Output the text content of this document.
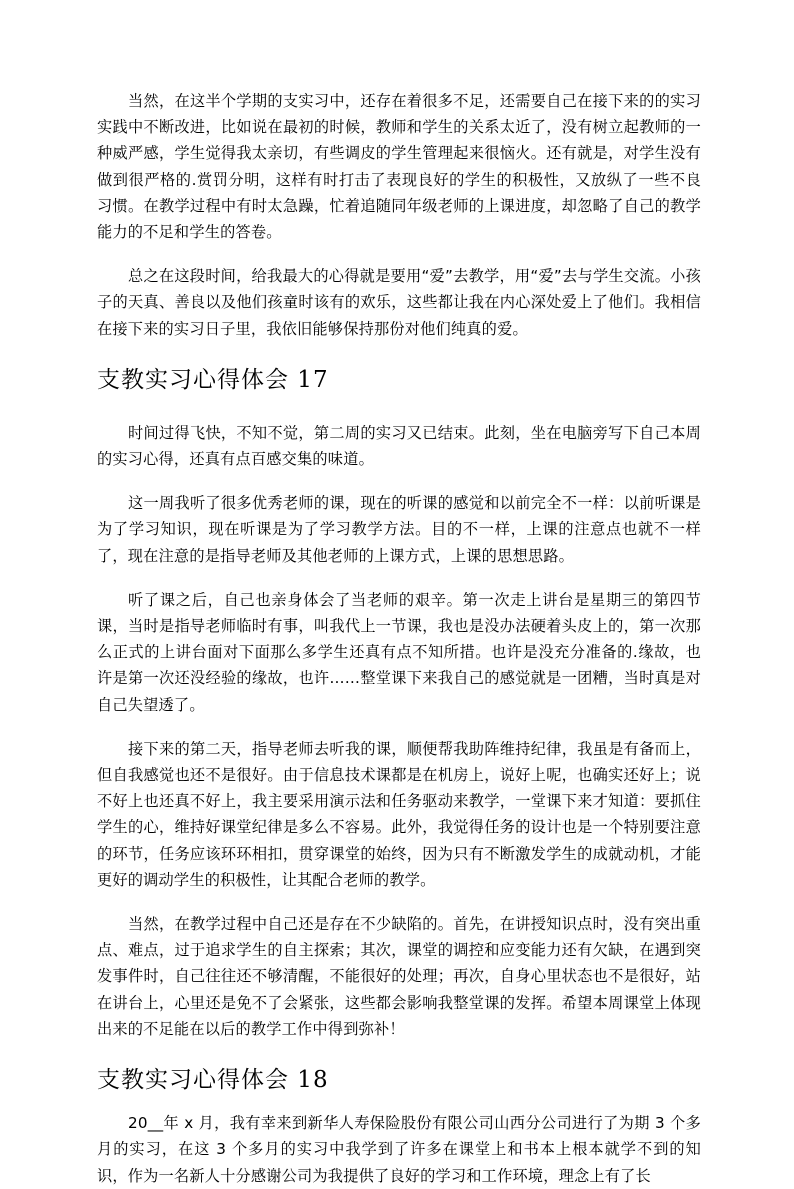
当然，在这半个学期的支实习中，还存在着很多不足，还需要自己在接下来的的实习实践中不断改进，比如说在最初的时候，教师和学生的关系太近了，没有树立起教师的一种威严感，学生觉得我太亲切，有些调皮的学生管理起来很恼火。还有就是，对学生没有做到很严格的.赏罚分明，这样有时打击了表现良好的学生的积极性，又放纵了一些不良习惯。在教学过程中有时太急躁，忙着追随同年级老师的上课进度，却忽略了自己的教学能力的不足和学生的答卷。

总之在这段时间，给我最大的心得就是要用“爱”去教学，用“爱”去与学生交流。小孩子的天真、善良以及他们孩童时该有的欢乐，这些都让我在内心深处爱上了他们。我相信在接下来的实习日子里，我依旧能够保持那份对他们纯真的爱。

支教实习心得体会 17

时间过得飞快，不知不觉，第二周的实习又已结束。此刻，坐在电脑旁写下自己本周的实习心得，还真有点百感交集的味道。

这一周我听了很多优秀老师的课，现在的听课的感觉和以前完全不一样：以前听课是为了学习知识，现在听课是为了学习教学方法。目的不一样，上课的注意点也就不一样了，现在注意的是指导老师及其他老师的上课方式，上课的思想思路。

听了课之后，自己也亲身体会了当老师的艰辛。第一次走上讲台是星期三的第四节课，当时是指导老师临时有事，叫我代上一节课，我也是没办法硬着头皮上的，第一次那么正式的上讲台面对下面那么多学生还真有点不知所措。也许是没充分准备的.缘故，也许是第一次还没经验的缘故，也许……整堂课下来我自己的感觉就是一团糟，当时真是对自己失望透了。

接下来的第二天，指导老师去听我的课，顺便帮我助阵维持纪律，我虽是有备而上，但自我感觉也还不是很好。由于信息技术课都是在机房上，说好上呢，也确实还好上；说不好上也还真不好上，我主要采用演示法和任务驱动来教学，一堂课下来才知道：要抓住学生的心，维持好课堂纪律是多么不容易。此外，我觉得任务的设计也是一个特别要注意的环节，任务应该环环相扣，贯穿课堂的始终，因为只有不断激发学生的成就动机，才能更好的调动学生的积极性，让其配合老师的教学。

当然，在教学过程中自己还是存在不少缺陷的。首先，在讲授知识点时，没有突出重点、难点，过于追求学生的自主探索；其次，课堂的调控和应变能力还有欠缺，在遇到突发事件时，自己往往还不够清醒，不能很好的处理；再次，自身心里状态也不是很好，站在讲台上，心里还是免不了会紧张，这些都会影响我整堂课的发挥。希望本周课堂上体现出来的不足能在以后的教学工作中得到弥补！

支教实习心得体会 18

20__年 x 月，我有幸来到新华人寿保险股份有限公司山西分公司进行了为期 3 个多月的实习，在这 3 个多月的实习中我学到了许多在课堂上和书本上根本就学不到的知识，作为一名新人十分感谢公司为我提供了良好的学习和工作环境，理念上有了长
